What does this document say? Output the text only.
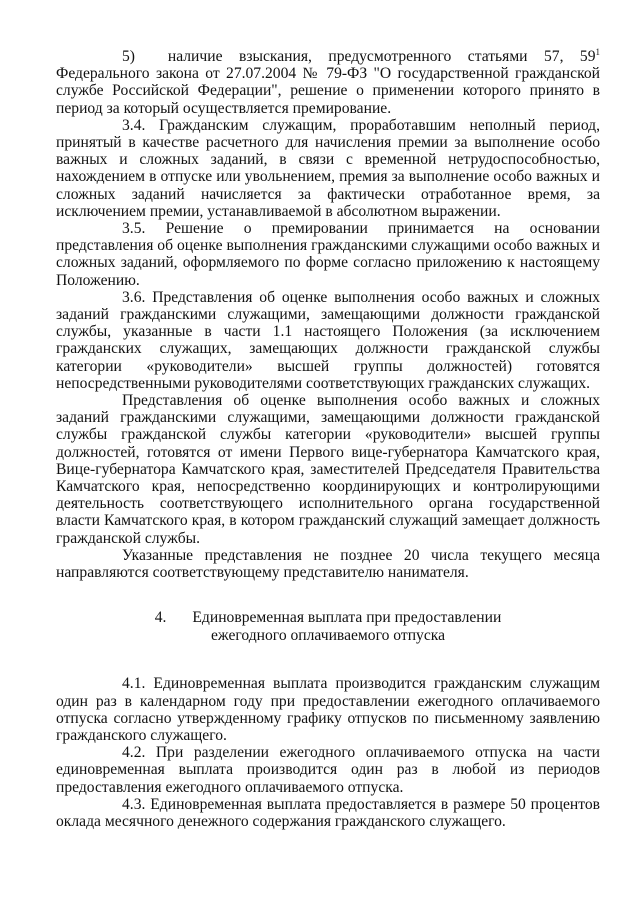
5)  наличие взыскания, предусмотренного статьями 57, $59^1$ Федерального закона от 27.07.2004 № 79-ФЗ "О государственной гражданской службе Российской Федерации", решение о применении которого принято в период за который осуществляется премирование.

3.4. Гражданским служащим, проработавшим неполный период, принятый в качестве расчетного для начисления премии за выполнение особо важных и сложных заданий, в связи с временной нетрудоспособностью, нахождением в отпуске или увольнением, премия за выполнение особо важных и сложных заданий начисляется за фактически отработанное время, за исключением премии, устанавливаемой в абсолютном выражении.

3.5. Решение о премировании принимается на основании представления об оценке выполнения гражданскими служащими особо важных и сложных заданий, оформляемого по форме согласно приложению к настоящему Положению.

3.6. Представления об оценке выполнения особо важных и сложных заданий гражданскими служащими, замещающими должности гражданской службы, указанные в части 1.1 настоящего Положения (за исключением гражданских служащих, замещающих должности гражданской службы категории «руководители» высшей группы должностей) готовятся непосредственными руководителями соответствующих гражданских служащих.

Представления об оценке выполнения особо важных и сложных заданий гражданскими служащими, замещающими должности гражданской службы гражданской службы категории «руководители» высшей группы должностей, готовятся от имени Первого вице-губернатора Камчатского края, Вице-губернатора Камчатского края, заместителей Председателя Правительства Камчатского края, непосредственно координирующих и контролирующими деятельность соответствующего исполнительного органа государственной власти Камчатского края, в котором гражданский служащий замещает должность гражданской службы.

Указанные представления не позднее 20 числа текущего месяца направляются соответствующему представителю нанимателя.

4. Единовременная выплата при предоставлении
ежегодного оплачиваемого отпуска

4.1. Единовременная выплата производится гражданским служащим один раз в календарном году при предоставлении ежегодного оплачиваемого отпуска согласно утвержденному графику отпусков по письменному заявлению гражданского служащего.

4.2. При разделении ежегодного оплачиваемого отпуска на части единовременная выплата производится один раз в любой из периодов предоставления ежегодного оплачиваемого отпуска.

4.3. Единовременная выплата предоставляется в размере 50 процентов оклада месячного денежного содержания гражданского служащего.
